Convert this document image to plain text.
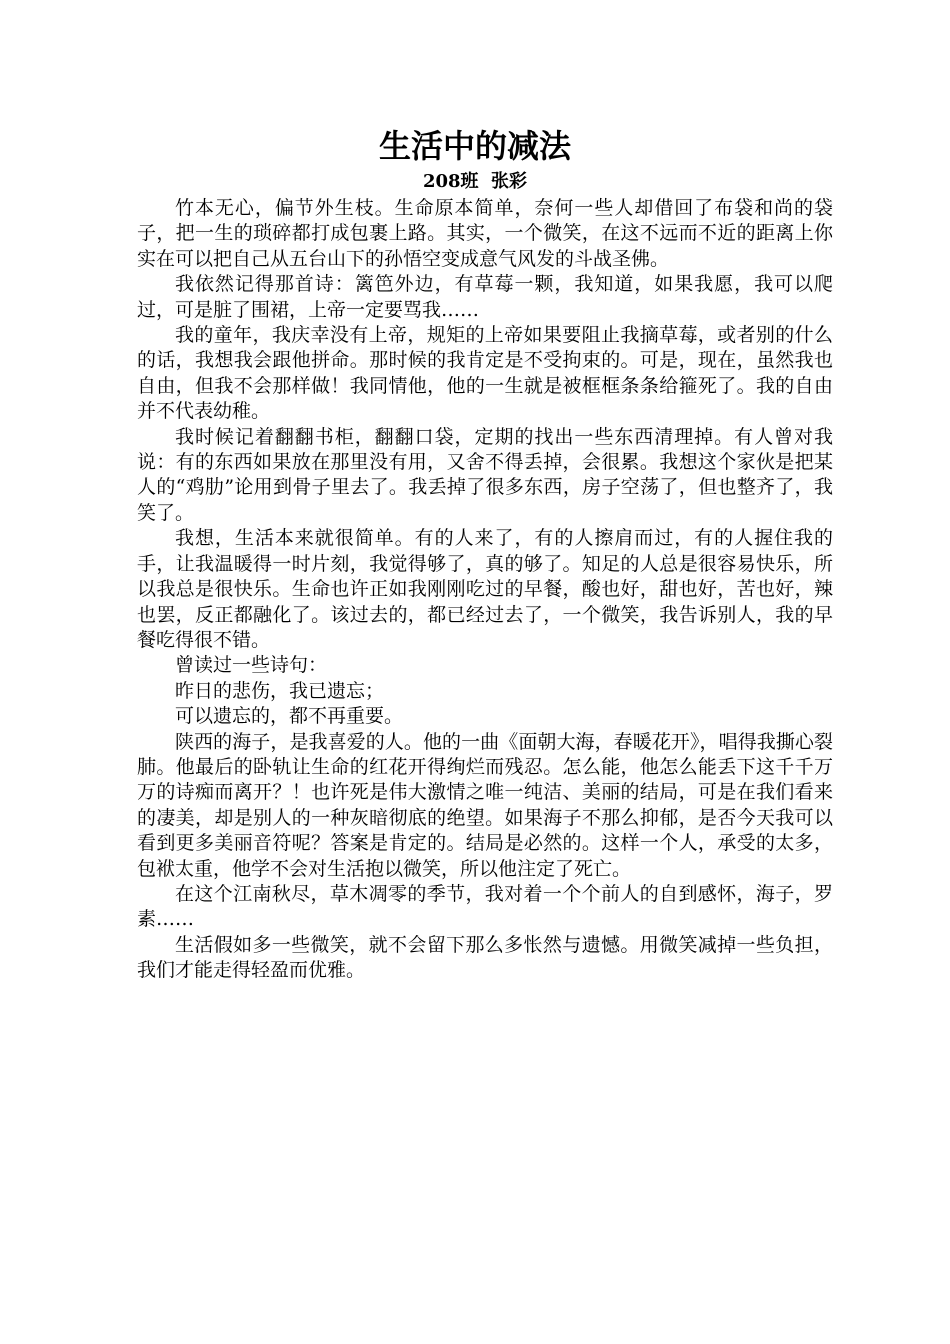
生活中的减法
208班  张彩

竹本无心，偏节外生枝。生命原本简单，奈何一些人却借回了布袋和尚的袋子，把一生的琐碎都打成包裹上路。其实，一个微笑，在这不远而不近的距离上你实在可以把自己从五台山下的孙悟空变成意气风发的斗战圣佛。

我依然记得那首诗：篱笆外边，有草莓一颗，我知道，如果我愿，我可以爬过，可是脏了围裙，上帝一定要骂我……

我的童年，我庆幸没有上帝，规矩的上帝如果要阻止我摘草莓，或者别的什么的话，我想我会跟他拼命。那时候的我肯定是不受拘束的。可是，现在，虽然我也自由，但我不会那样做！我同情他，他的一生就是被框框条条给箍死了。我的自由并不代表幼稚。

我时候记着翻翻书柜，翻翻口袋，定期的找出一些东西清理掉。有人曾对我说：有的东西如果放在那里没有用，又舍不得丢掉，会很累。我想这个家伙是把某人的“鸡肋”论用到骨子里去了。我丢掉了很多东西，房子空荡了，但也整齐了，我笑了。

我想，生活本来就很简单。有的人来了，有的人擦肩而过，有的人握住我的手，让我温暖得一时片刻，我觉得够了，真的够了。知足的人总是很容易快乐，所以我总是很快乐。生命也许正如我刚刚吃过的早餐，酸也好，甜也好，苦也好，辣也罢，反正都融化了。该过去的，都已经过去了，一个微笑，我告诉别人，我的早餐吃得很不错。

曾读过一些诗句：

昨日的悲伤，我已遗忘；

可以遗忘的，都不再重要。

陕西的海子，是我喜爱的人。他的一曲《面朝大海，春暖花开》，唱得我撕心裂肺。他最后的卧轨让生命的红花开得绚烂而残忍。怎么能，他怎么能丢下这千千万万的诗痴而离开？！也许死是伟大激情之唯一纯洁、美丽的结局，可是在我们看来的凄美，却是别人的一种灰暗彻底的绝望。如果海子不那么抑郁，是否今天我可以看到更多美丽音符呢？答案是肯定的。结局是必然的。这样一个人，承受的太多，包袱太重，他学不会对生活抱以微笑，所以他注定了死亡。

在这个江南秋尽，草木凋零的季节，我对着一个个前人的自到感怀，海子，罗素……

生活假如多一些微笑，就不会留下那么多怅然与遗憾。用微笑减掉一些负担，我们才能走得轻盈而优雅。
